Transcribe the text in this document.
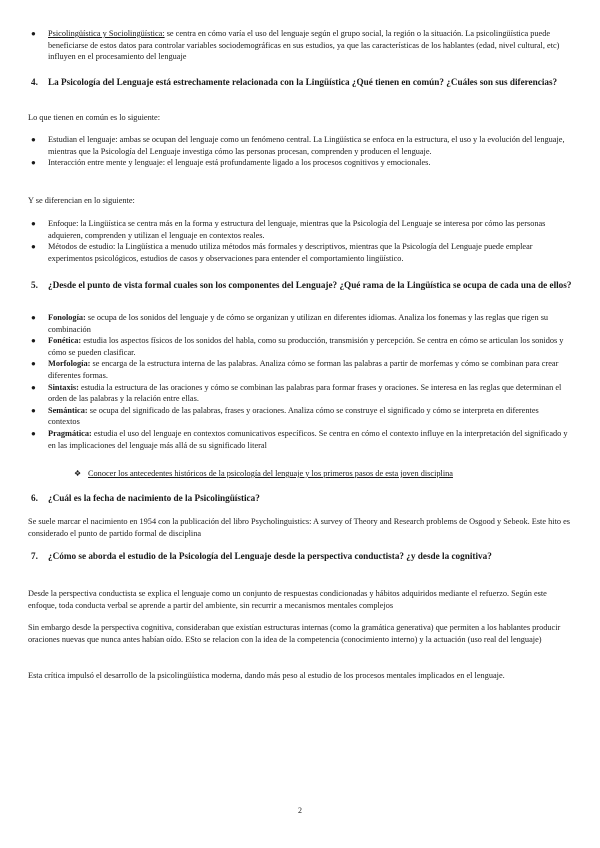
● Psicolingüística y Sociolingüística: se centra en cómo varía el uso del lenguaje según el grupo social, la región o la situación. La psicolingüística puede beneficiarse de estos datos para controlar variables sociodemográficas en sus estudios, ya que las características de los hablantes (edad, nivel cultural, etc) influyen en el procesamiento del lenguaje

4.	La Psicología del Lenguaje está estrechamente relacionada con la Lingüística ¿Qué tienen en común? ¿Cuáles son sus diferencias?
Lo que tienen en común es lo siguiente:

● Estudian el lenguaje: ambas se ocupan del lenguaje como un fenómeno central. La Lingüística se enfoca en la estructura, el uso y la evolución del lenguaje, mientras que la Psicología del Lenguaje investiga cómo las personas procesan, comprenden y producen el lenguaje.

● Interacción entre mente y lenguaje: el lenguaje está profundamente ligado a los procesos cognitivos y emocionales.

Y se diferencian en lo siguiente:

● Enfoque: la Lingüística se centra más en la forma y estructura del lenguaje, mientras que la Psicología del Lenguaje se interesa por cómo las personas adquieren, comprenden y utilizan el lenguaje en contextos reales.

● Métodos de estudio: la Lingüística a menudo utiliza métodos más formales y descriptivos, mientras que la Psicología del Lenguaje puede emplear experimentos psicológicos, estudios de casos y observaciones para entender el comportamiento lingüístico.

5.	¿Desde el punto de vista formal cuales son los componentes del Lenguaje? ¿Qué rama de la Lingüística se ocupa de cada una de ellos?

● Fonología: se ocupa de los sonidos del lenguaje y de cómo se organizan y utilizan en diferentes idiomas. Analiza los fonemas y las reglas que rigen su combinación

● Fonética: estudia los aspectos físicos de los sonidos del habla, como su producción, transmisión y percepción. Se centra en cómo se articulan los sonidos y cómo se pueden clasificar.

● Morfología: se encarga de la estructura interna de las palabras. Analiza cómo se forman las palabras a partir de morfemas y cómo se combinan para crear diferentes formas.

● Sintaxis: estudia la estructura de las oraciones y cómo se combinan las palabras para formar frases y oraciones. Se interesa en las reglas que determinan el orden de las palabras y la relación entre ellas.

● Semántica: se ocupa del significado de las palabras, frases y oraciones. Analiza cómo se construye el significado y cómo se interpreta en diferentes contextos

● Pragmática: estudia el uso del lenguaje en contextos comunicativos específicos. Se centra en cómo el contexto influye en la interpretación del significado y en las implicaciones del lenguaje más allá de su significado literal

❖ Conocer los antecedentes históricos de la psicología del lenguaje y los primeros pasos de esta joven disciplina
6.	¿Cuál es la fecha de nacimiento de la Psicolingüística?
Se suele marcar el nacimiento en 1954 con la publicación del libro Psycholinguistics: A survey of Theory and Research problems de Osgood y Sebeok. Este hito es considerado el punto de partido formal de disciplina
7.	¿Cómo se aborda el estudio de la Psicología del Lenguaje desde la perspectiva conductista? ¿y desde la cognitiva?
Desde la perspectiva conductista se explica el lenguaje como un conjunto de respuestas condicionadas y hábitos adquiridos mediante el refuerzo. Según este enfoque, toda conducta verbal se aprende a partir del ambiente, sin recurrir a mecanismos mentales complejos
Sin embargo desde la perspectiva cognitiva, consideraban que existían estructuras internas (como la gramática generativa) que permiten a los hablantes producir oraciones nuevas que nunca antes habían oído. ESto se relacion con la idea de la competencia (conocimiento interno) y la actuación (uso real del lenguaje)
Esta crítica impulsó el desarrollo de la psicolingüística moderna, dando más peso al estudio de los procesos mentales implicados en el lenguaje.
2
